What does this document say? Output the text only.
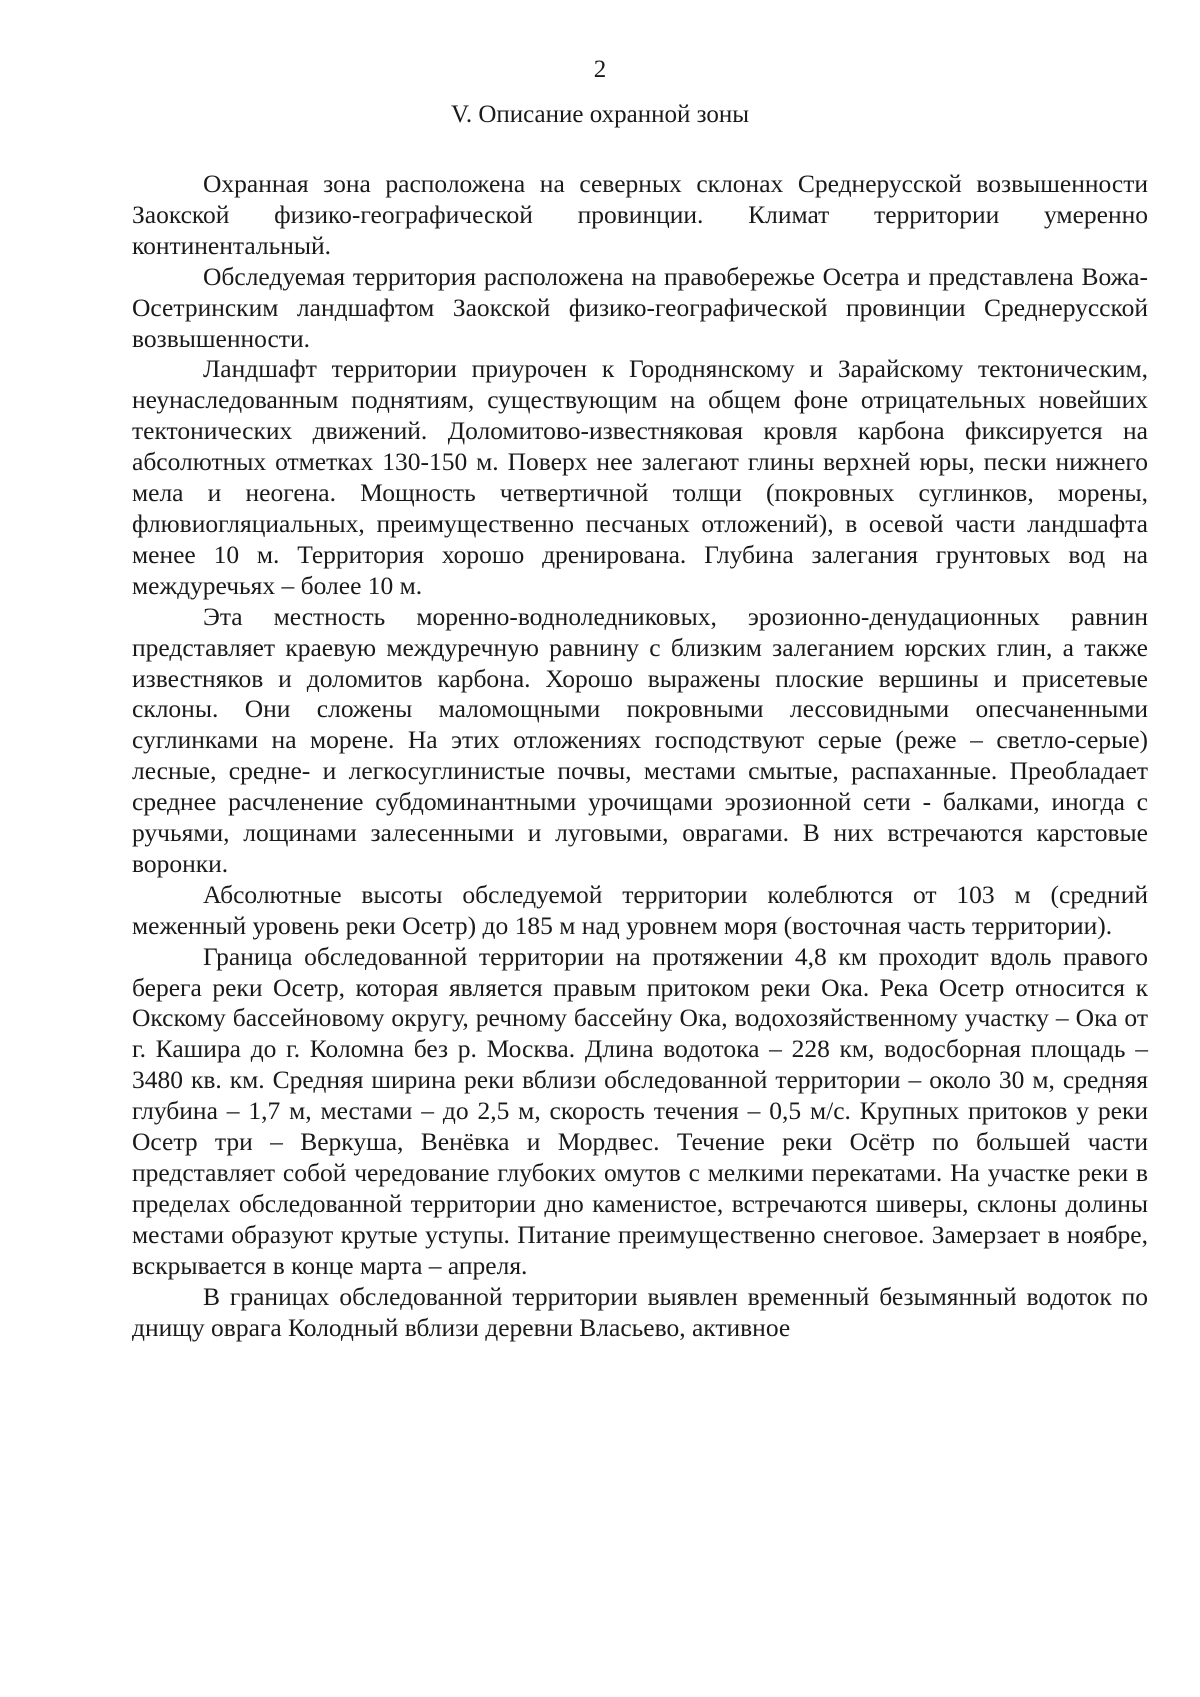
2
V. Описание охранной зоны

Охранная зона расположена на северных склонах Среднерусской возвышенности Заокской физико-географической провинции. Климат территории умеренно континентальный.

Обследуемая территория расположена на правобережье Осетра и представлена Вожа-Осетринским ландшафтом Заокской физико-географической провинции Среднерусской возвышенности.

Ландшафт территории приурочен к Городнянскому и Зарайскому тектоническим, неунаследованным поднятиям, существующим на общем фоне отрицательных новейших тектонических движений. Доломитово-известняковая кровля карбона фиксируется на абсолютных отметках 130-150 м. Поверх нее залегают глины верхней юры, пески нижнего мела и неогена. Мощность четвертичной толщи (покровных суглинков, морены, флювиогляциальных, преимущественно песчаных отложений), в осевой части ландшафта менее 10 м. Территория хорошо дренирована. Глубина залегания грунтовых вод на междуречьях – более 10 м.

Эта местность моренно-водноледниковых, эрозионно-денудационных равнин представляет краевую междуречную равнину с близким залеганием юрских глин, а также известняков и доломитов карбона. Хорошо выражены плоские вершины и присетевые склоны. Они сложены маломощными покровными лессовидными опесчаненными суглинками на морене. На этих отложениях господствуют серые (реже – светло-серые) лесные, средне- и легкосуглинистые почвы, местами смытые, распаханные. Преобладает среднее расчленение субдоминантными урочищами эрозионной сети - балками, иногда с ручьями, лощинами залесенными и луговыми, оврагами. В них встречаются карстовые воронки.

Абсолютные высоты обследуемой территории колеблются от 103 м (средний меженный уровень реки Осетр) до 185 м над уровнем моря (восточная часть территории).

Граница обследованной территории на протяжении 4,8 км проходит вдоль правого берега реки Осетр, которая является правым притоком реки Ока. Река Осетр относится к Окскому бассейновому округу, речному бассейну Ока, водохозяйственному участку – Ока от г. Кашира до г. Коломна без р. Москва. Длина водотока – 228 км, водосборная площадь – 3480 кв. км. Средняя ширина реки вблизи обследованной территории – около 30 м, средняя глубина – 1,7 м, местами – до 2,5 м, скорость течения – 0,5 м/с. Крупных притоков у реки Осетр три – Веркуша, Венёвка и Мордвес. Течение реки Осётр по большей части представляет собой чередование глубоких омутов с мелкими перекатами. На участке реки в пределах обследованной территории дно каменистое, встречаются шиверы, склоны долины местами образуют крутые уступы. Питание преимущественно снеговое. Замерзает в ноябре, вскрывается в конце марта – апреля.

В границах обследованной территории выявлен временный безымянный водоток по днищу оврага Колодный вблизи деревни Власьево, активное
